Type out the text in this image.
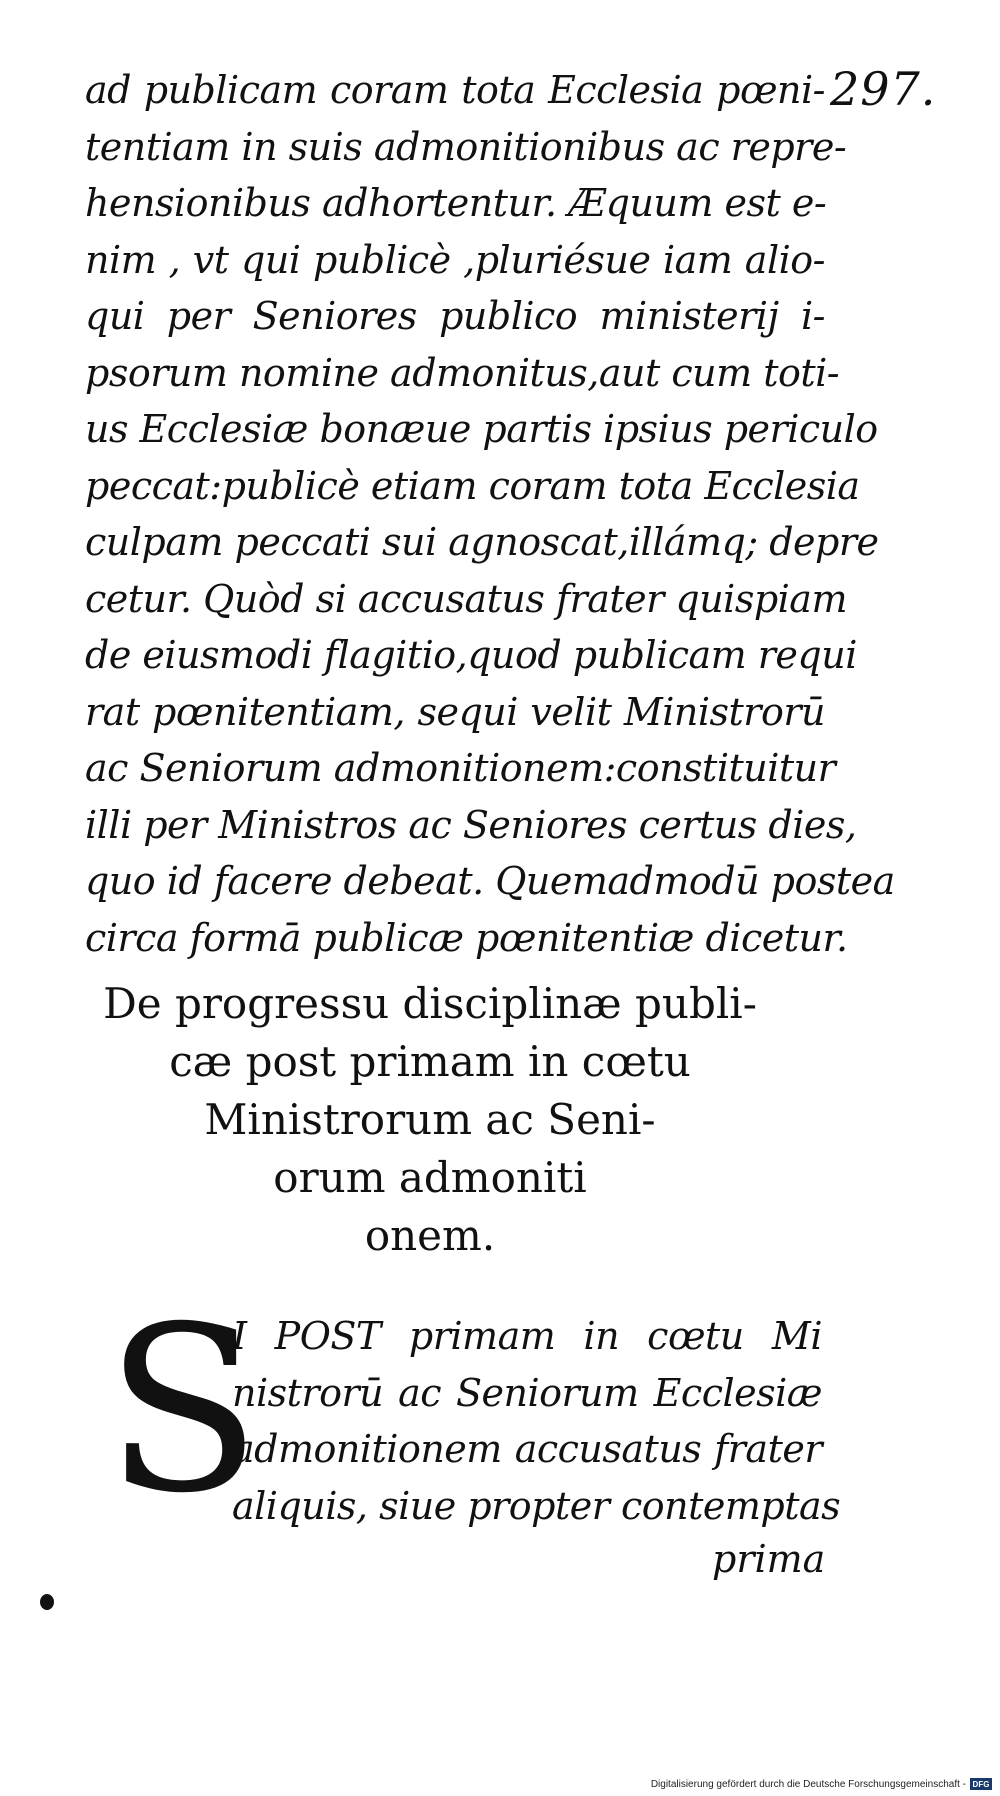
297.
ad publicam coram tota Ecclesia pœni-
tentiam in suis admonitionibus ac repre-
hensionibus adhortentur. Æquum est e-
nim , vt qui publicè ,pluriésue iam alio-
qui per Seniores publico ministerij i-
psorum nomine admonitus,aut cum toti-
us Ecclesiæ bonæue partis ipsius periculo
peccat:publicè etiam coram tota Ecclesia
culpam peccati sui agnoscat,illámq; depre
cetur. Quòd si accusatus frater quispiam
de eiusmodi flagitio,quod publicam requi
rat pœnitentiam, sequi velit Ministrorū
ac Seniorum admonitionem:constituitur
illi per Ministros ac Seniores certus dies,
quo id facere debeat. Quemadmodū postea
circa formā publicæ pœnitentiæ dicetur.
De progressu disciplinæ publi-
cæ post primam in cœtu
Ministrorum ac Seni-
orum admoniti
onem.
S
I POST primam in cœtu Mi
nistrorū ac Seniorum Ecclesiæ
admonitionem accusatus frater
aliquis, siue propter contemptas
prima
Digitalisierung gefördert durch die Deutsche Forschungsgemeinschaft - DFG
